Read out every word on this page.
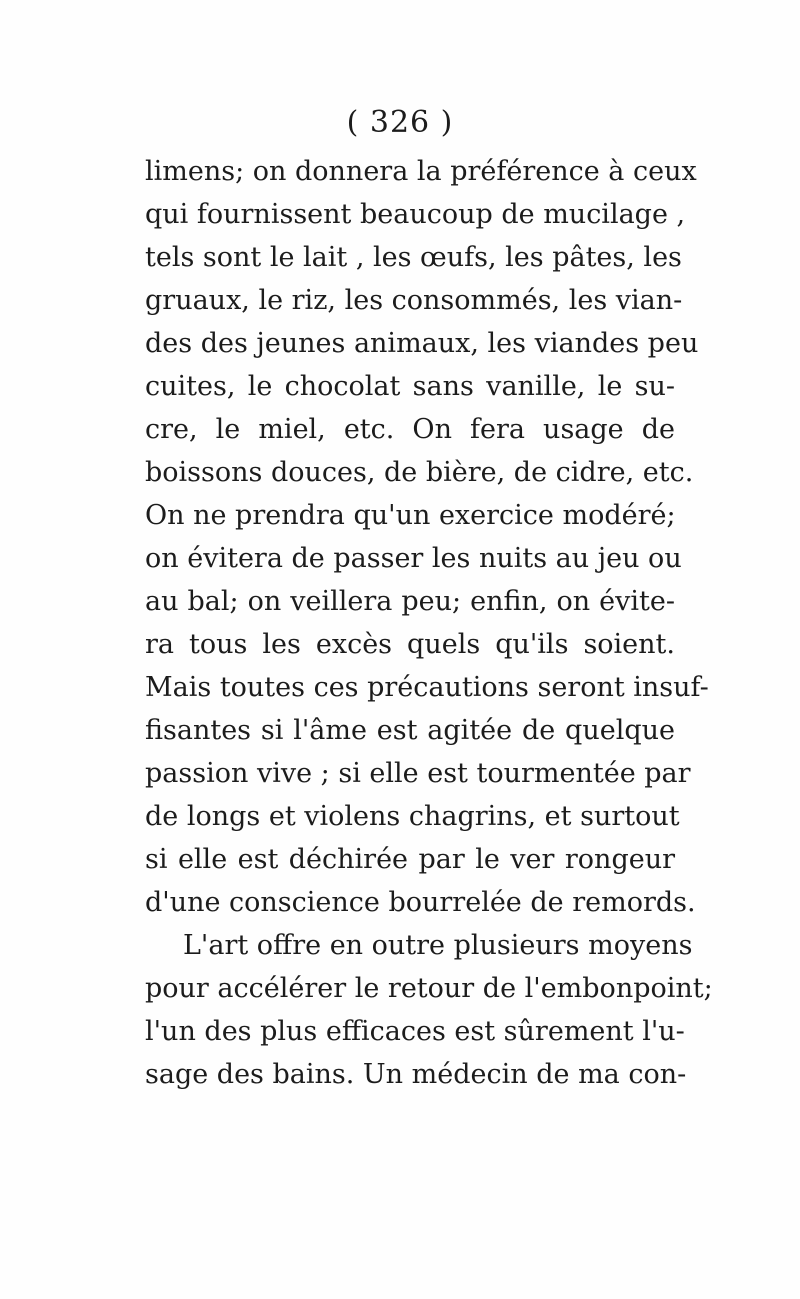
( 326 )
limens; on donnera la préférence à ceux
qui fournissent beaucoup de mucilage ,
tels sont le lait , les œufs, les pâtes, les
gruaux, le riz, les consommés, les vian-
des des jeunes animaux, les viandes peu
cuites, le chocolat sans vanille, le su-
cre, le miel, etc. On fera usage de
boissons douces, de bière, de cidre, etc.
On ne prendra qu'un exercice modéré;
on évitera de passer les nuits au jeu ou
au bal; on veillera peu; enfin, on évite-
ra tous les excès quels qu'ils soient.
Mais toutes ces précautions seront insuf-
fisantes si l'âme est agitée de quelque
passion vive ; si elle est tourmentée par
de longs et violens chagrins, et surtout
si elle est déchirée par le ver rongeur
d'une conscience bourrelée de remords.
L'art offre en outre plusieurs moyens
pour accélérer le retour de l'embonpoint;
l'un des plus efficaces est sûrement l'u-
sage des bains. Un médecin de ma con-
